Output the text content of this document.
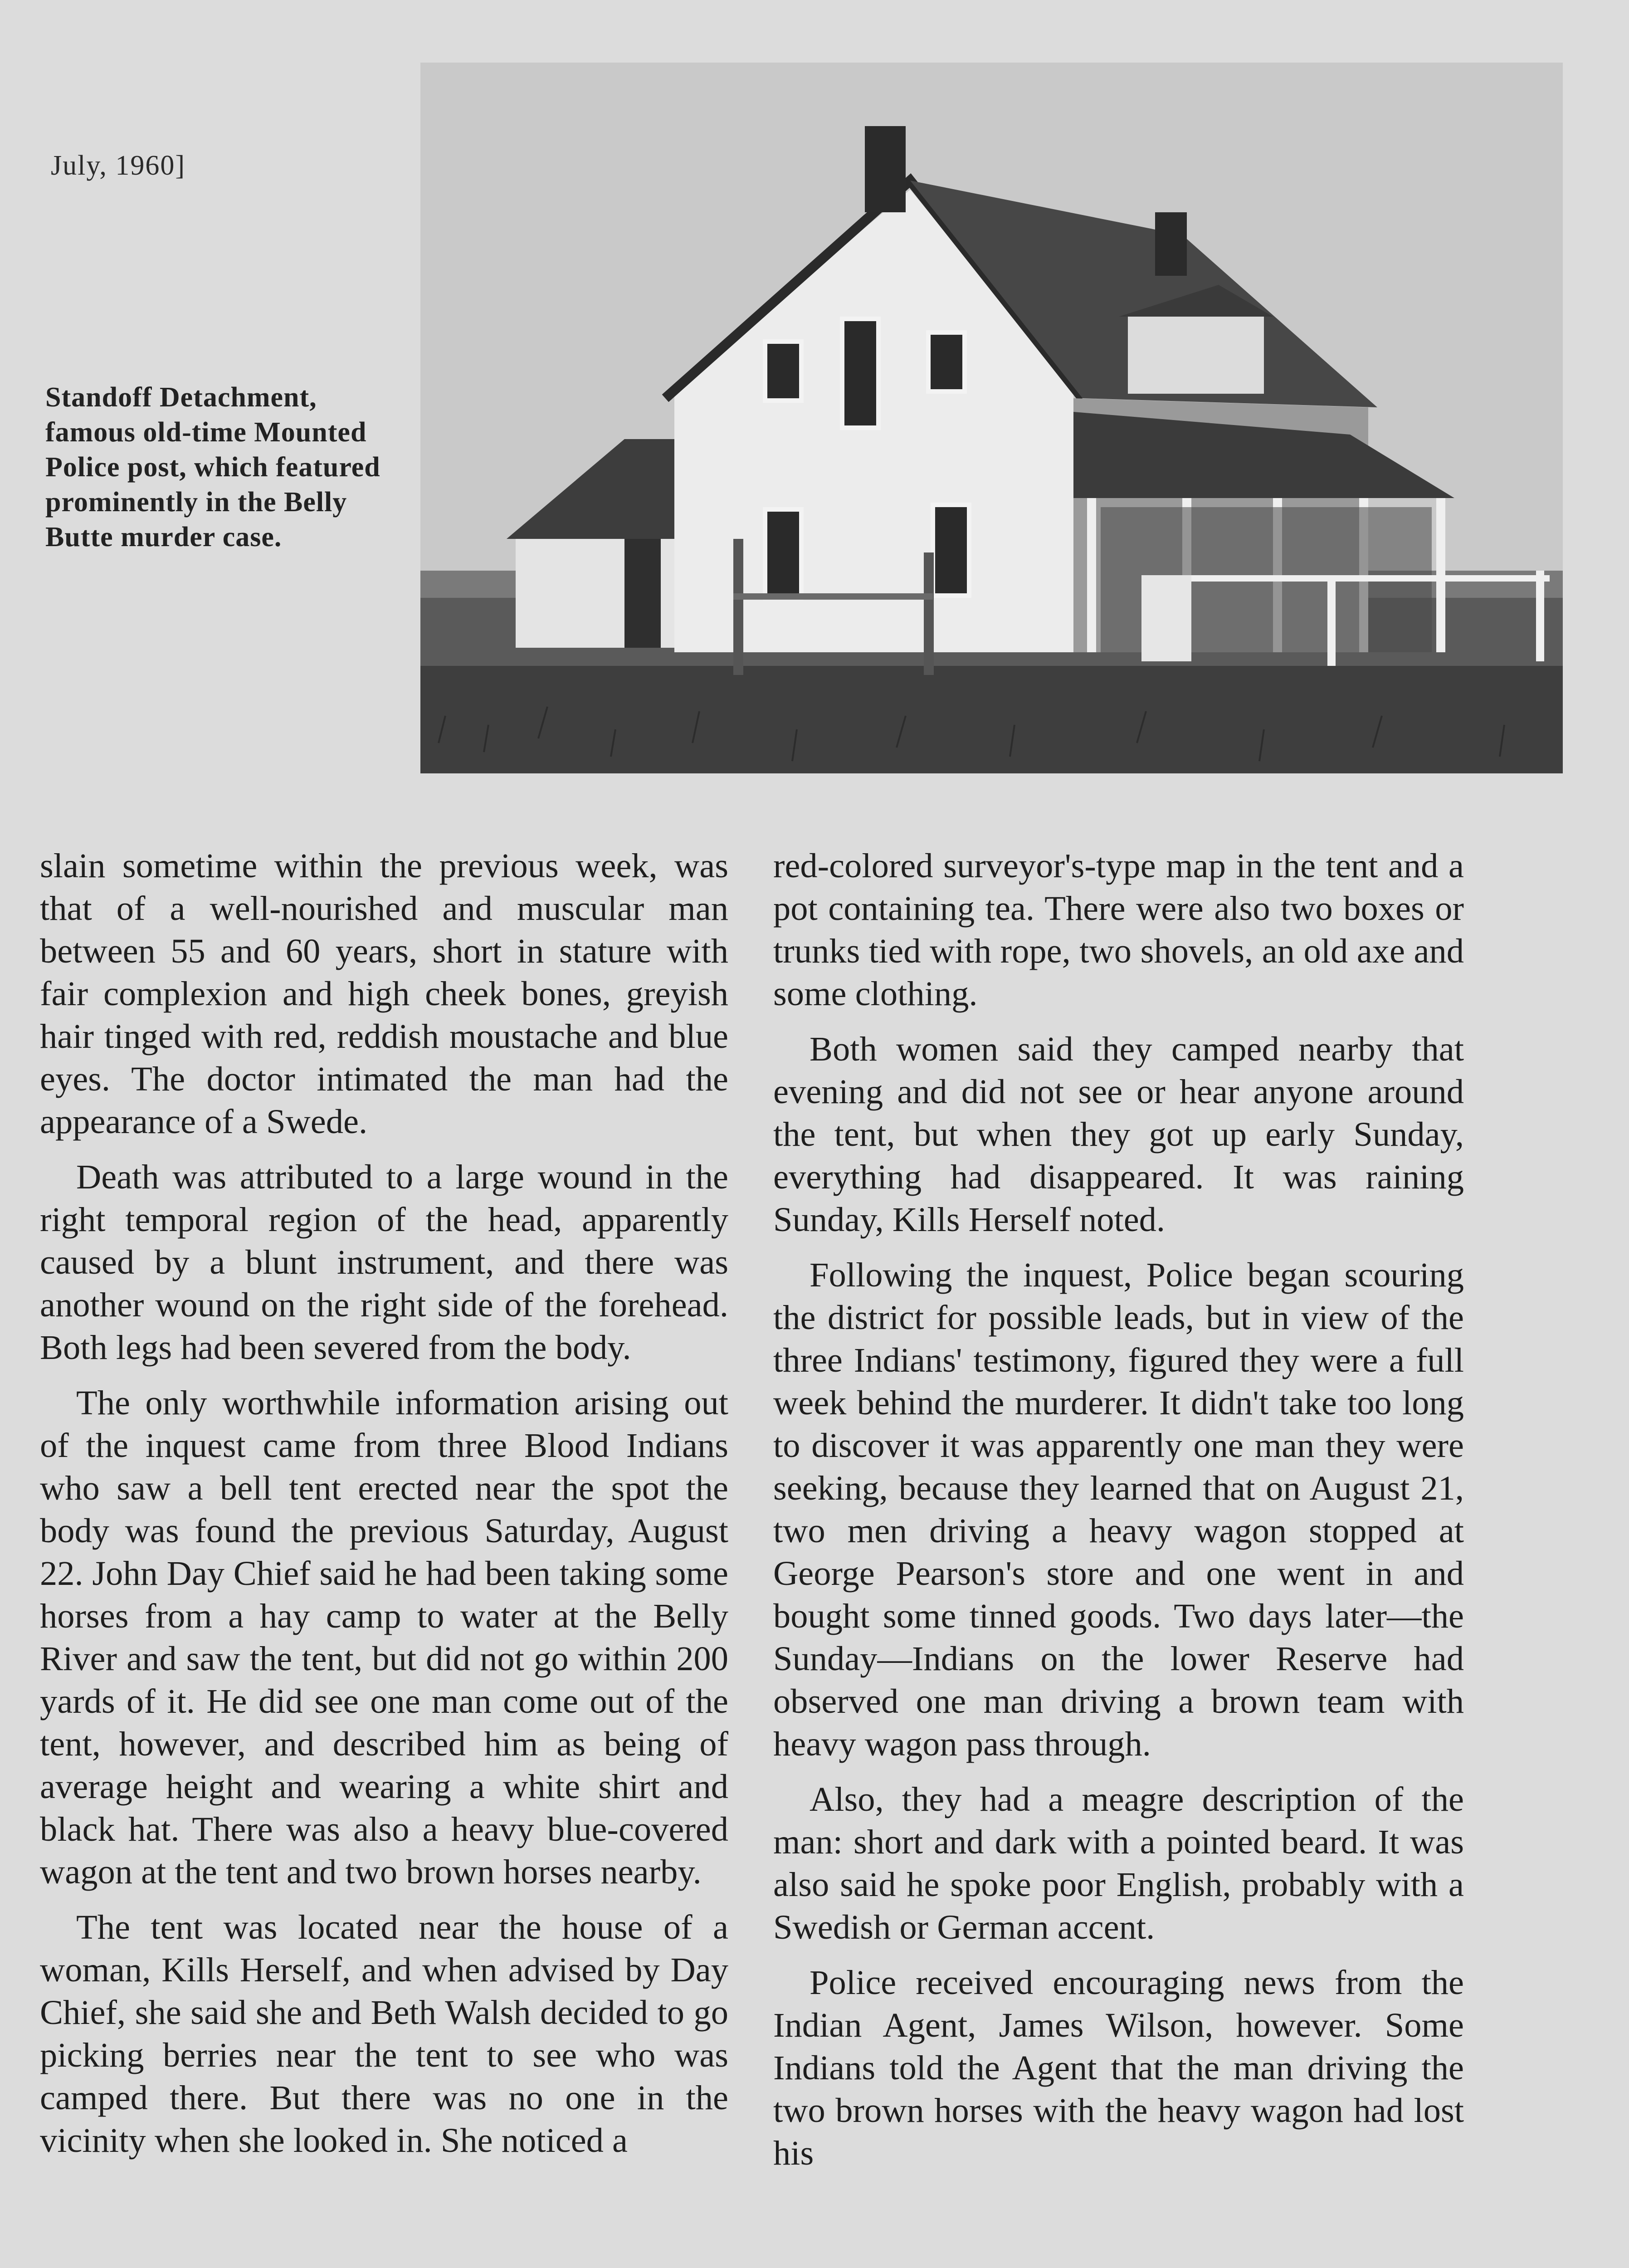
July, 1960]
Standoff Detachment, famous old-time Mounted Police post, which featured prominently in the Belly Butte murder case.

slain sometime within the previous week, was that of a well-nourished and muscular man between 55 and 60 years, short in stature with fair complexion and high cheek bones, greyish hair tinged with red, reddish moustache and blue eyes. The doctor intimated the man had the appearance of a Swede.

Death was attributed to a large wound in the right temporal region of the head, apparently caused by a blunt instrument, and there was another wound on the right side of the forehead. Both legs had been severed from the body.

The only worthwhile information arising out of the inquest came from three Blood Indians who saw a bell tent erected near the spot the body was found the previous Saturday, August 22. John Day Chief said he had been taking some horses from a hay camp to water at the Belly River and saw the tent, but did not go within 200 yards of it. He did see one man come out of the tent, however, and described him as being of average height and wearing a white shirt and black hat. There was also a heavy blue-covered wagon at the tent and two brown horses nearby.

The tent was located near the house of a woman, Kills Herself, and when advised by Day Chief, she said she and Beth Walsh decided to go picking berries near the tent to see who was camped there. But there was no one in the vicinity when she looked in. She noticed a

red-colored surveyor's-type map in the tent and a pot containing tea. There were also two boxes or trunks tied with rope, two shovels, an old axe and some clothing.

Both women said they camped nearby that evening and did not see or hear anyone around the tent, but when they got up early Sunday, everything had disappeared. It was raining Sunday, Kills Herself noted.

Following the inquest, Police began scouring the district for possible leads, but in view of the three Indians' testimony, figured they were a full week behind the murderer. It didn't take too long to discover it was apparently one man they were seeking, because they learned that on August 21, two men driving a heavy wagon stopped at George Pearson's store and one went in and bought some tinned goods. Two days later—the Sunday—Indians on the lower Reserve had observed one man driving a brown team with heavy wagon pass through.

Also, they had a meagre description of the man: short and dark with a pointed beard. It was also said he spoke poor English, probably with a Swedish or German accent.

Police received encouraging news from the Indian Agent, James Wilson, however. Some Indians told the Agent that the man driving the two brown horses with the heavy wagon had lost his
